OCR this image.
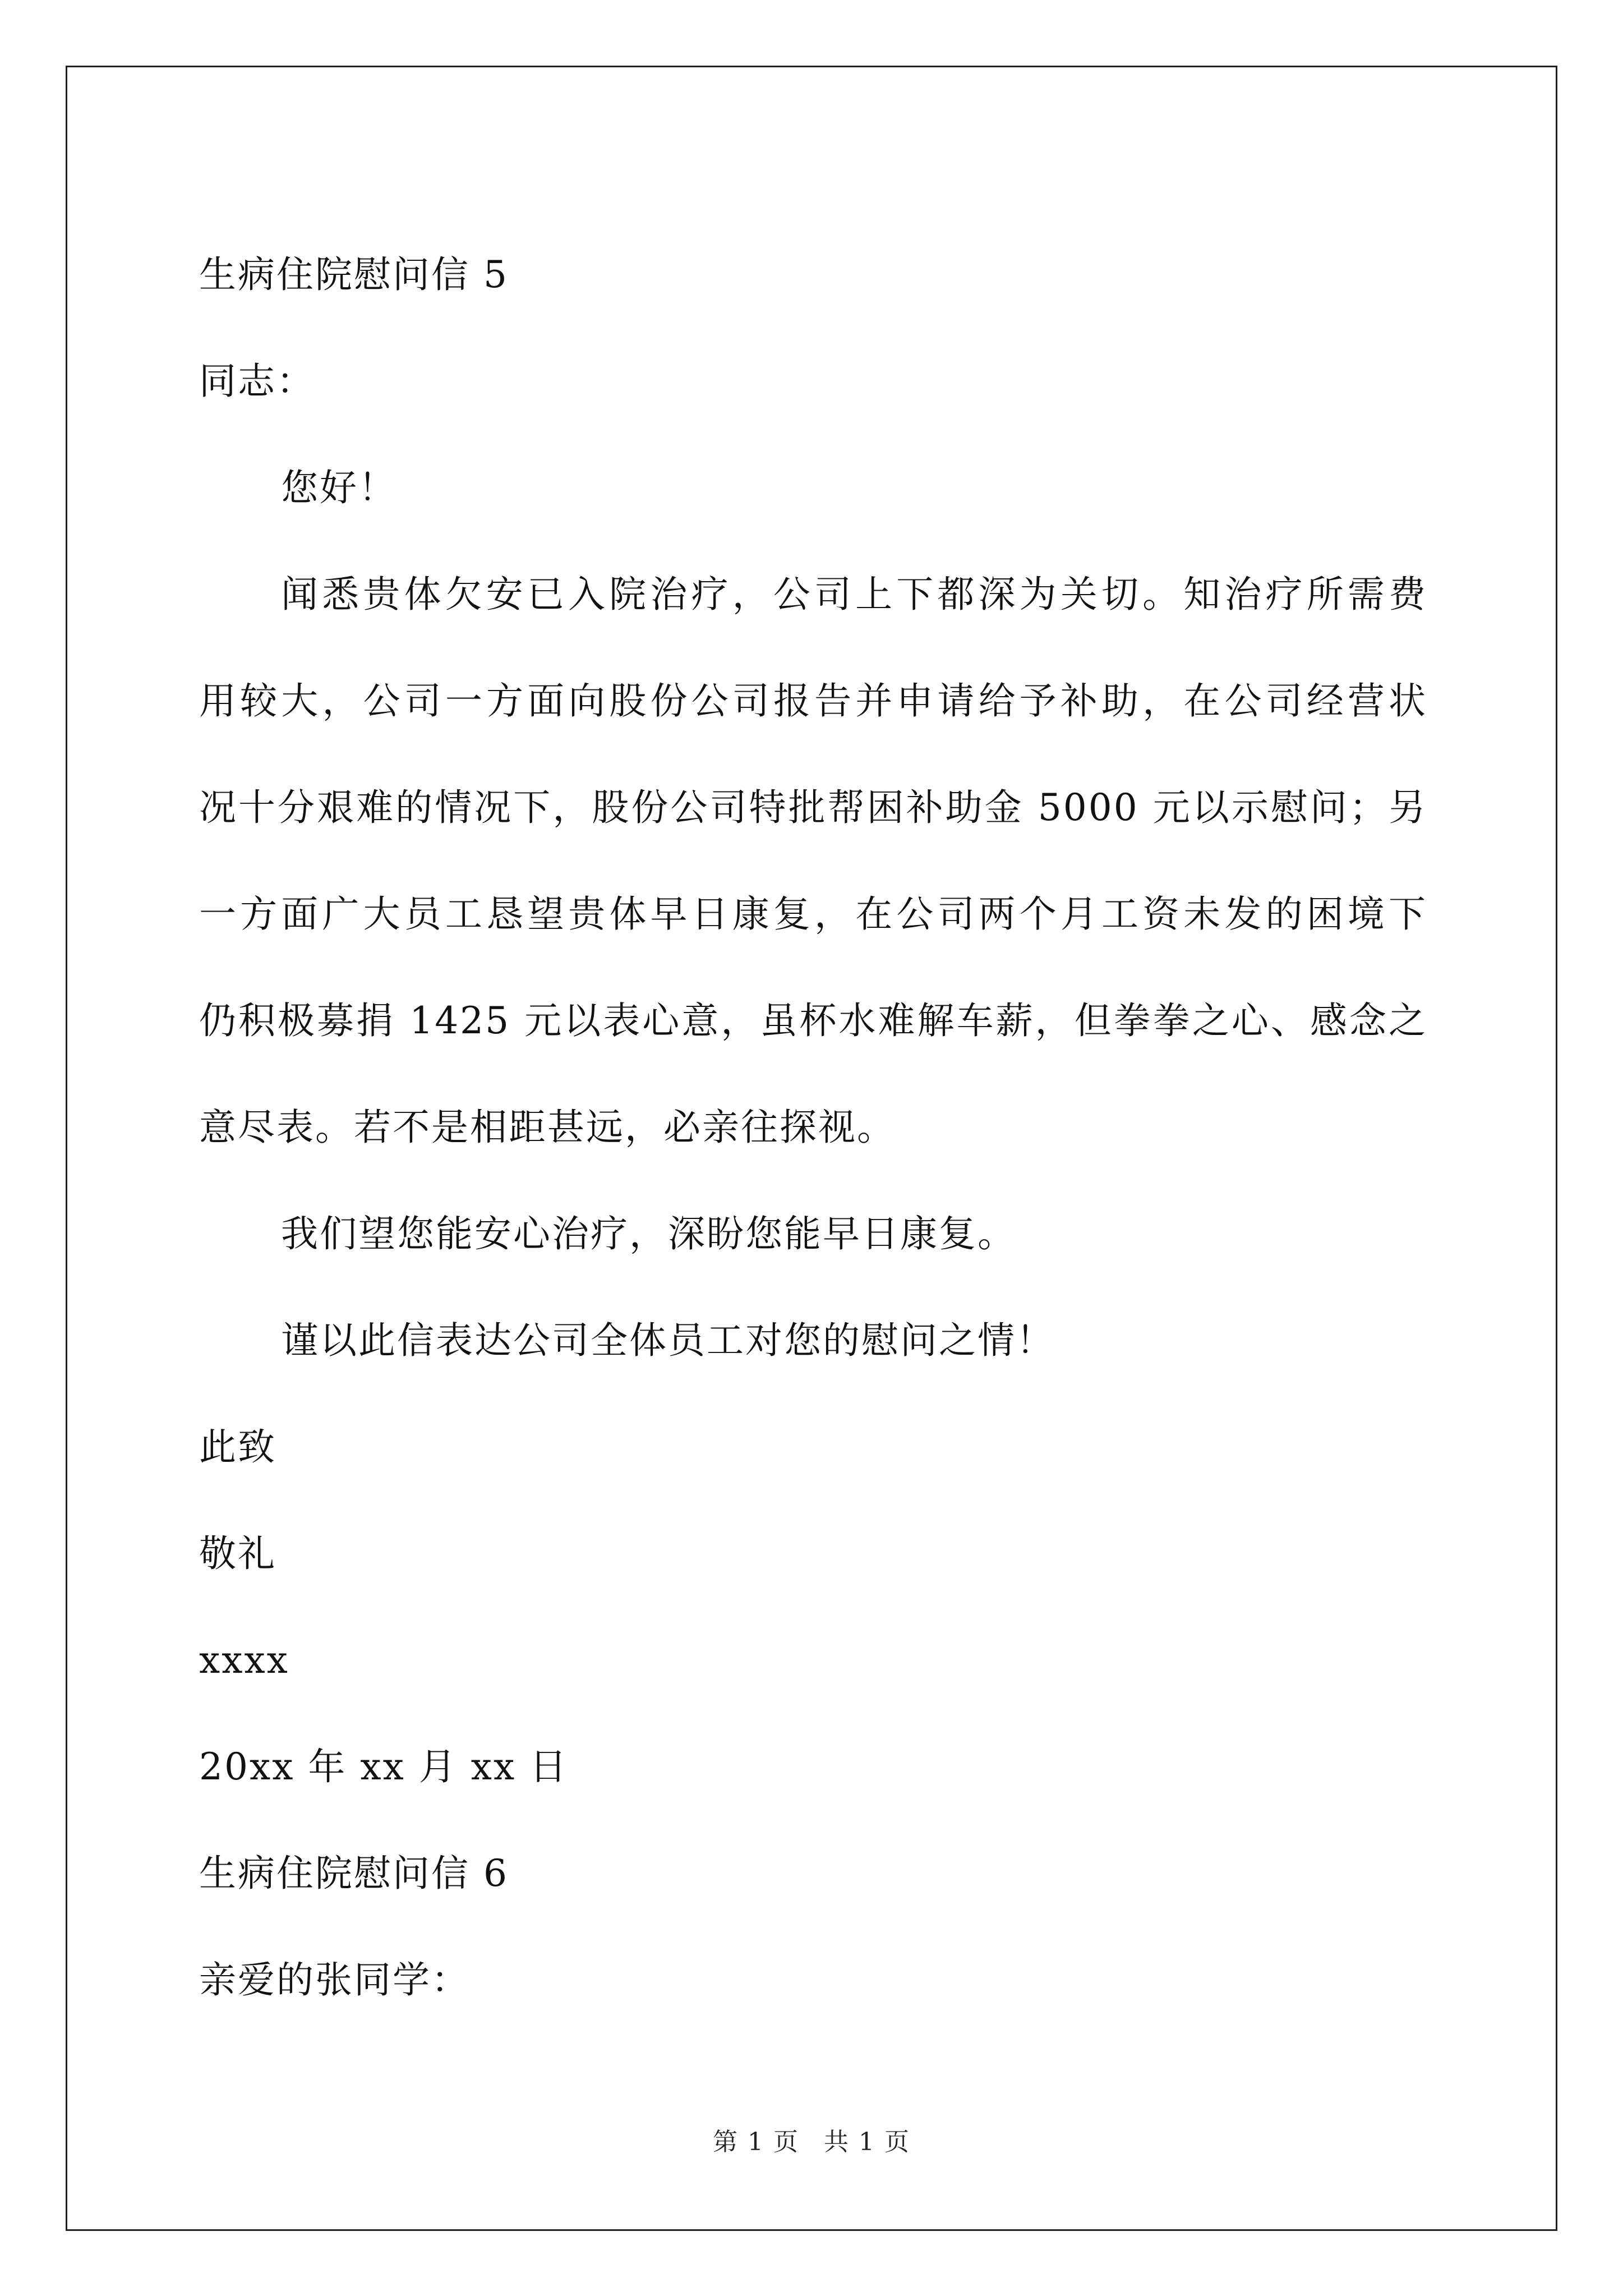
生病住院慰问信 5
同志：
您好！
闻悉贵体欠安已入院治疗，公司上下都深为关切。知治疗所需费
用较大，公司一方面向股份公司报告并申请给予补助，在公司经营状
况十分艰难的情况下，股份公司特批帮困补助金 5000 元以示慰问；另
一方面广大员工恳望贵体早日康复，在公司两个月工资未发的困境下
仍积极募捐 1425 元以表心意，虽杯水难解车薪，但拳拳之心、感念之
意尽表。若不是相距甚远，必亲往探视。
我们望您能安心治疗，深盼您能早日康复。
谨以此信表达公司全体员工对您的慰问之情！
此致
敬礼
xxxx
20xx 年 xx 月 xx 日
生病住院慰问信 6
亲爱的张同学：
第 1 页 共 1 页
